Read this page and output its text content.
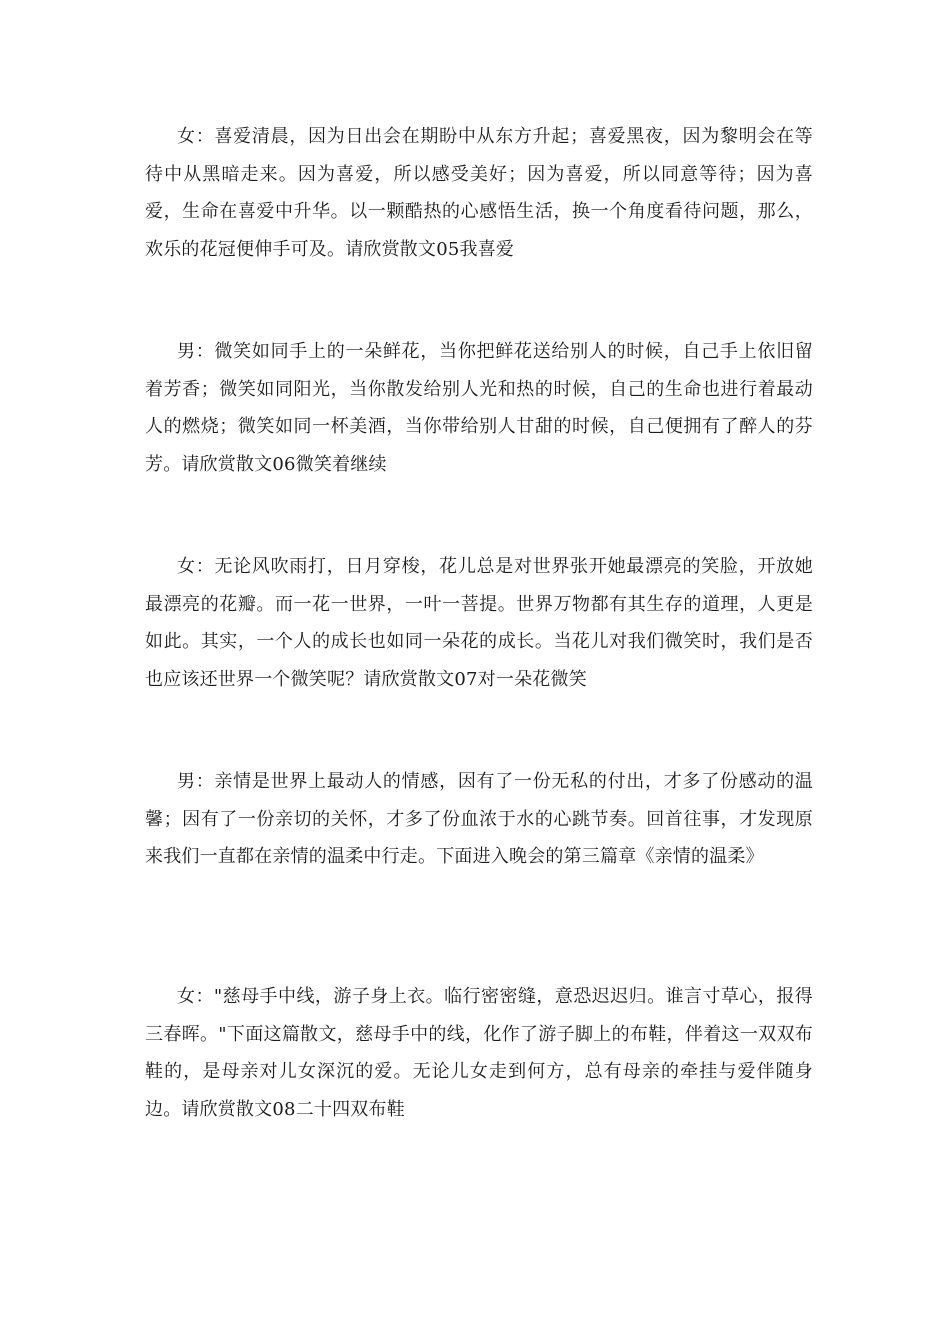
女：喜爱清晨，因为日出会在期盼中从东方升起；喜爱黑夜，因为黎明会在等待中从黑暗走来。因为喜爱，所以感受美好；因为喜爱，所以同意等待；因为喜爱，生命在喜爱中升华。以一颗酷热的心感悟生活，换一个角度看待问题，那么，欢乐的花冠便伸手可及。请欣赏散文05我喜爱

男：微笑如同手上的一朵鲜花，当你把鲜花送给别人的时候，自己手上依旧留着芳香；微笑如同阳光，当你散发给别人光和热的时候，自己的生命也进行着最动人的燃烧；微笑如同一杯美酒，当你带给别人甘甜的时候，自己便拥有了醉人的芬芳。请欣赏散文06微笑着继续

女：无论风吹雨打，日月穿梭，花儿总是对世界张开她最漂亮的笑脸，开放她最漂亮的花瓣。而一花一世界，一叶一菩提。世界万物都有其生存的道理，人更是如此。其实，一个人的成长也如同一朵花的成长。当花儿对我们微笑时，我们是否也应该还世界一个微笑呢？请欣赏散文07对一朵花微笑

男：亲情是世界上最动人的情感，因有了一份无私的付出，才多了份感动的温馨；因有了一份亲切的关怀，才多了份血浓于水的心跳节奏。回首往事，才发现原来我们一直都在亲情的温柔中行走。下面进入晚会的第三篇章《亲情的温柔》

女："慈母手中线，游子身上衣。临行密密缝，意恐迟迟归。谁言寸草心，报得三春晖。"下面这篇散文，慈母手中的线，化作了游子脚上的布鞋，伴着这一双双布鞋的，是母亲对儿女深沉的爱。无论儿女走到何方，总有母亲的牵挂与爱伴随身边。请欣赏散文08二十四双布鞋
